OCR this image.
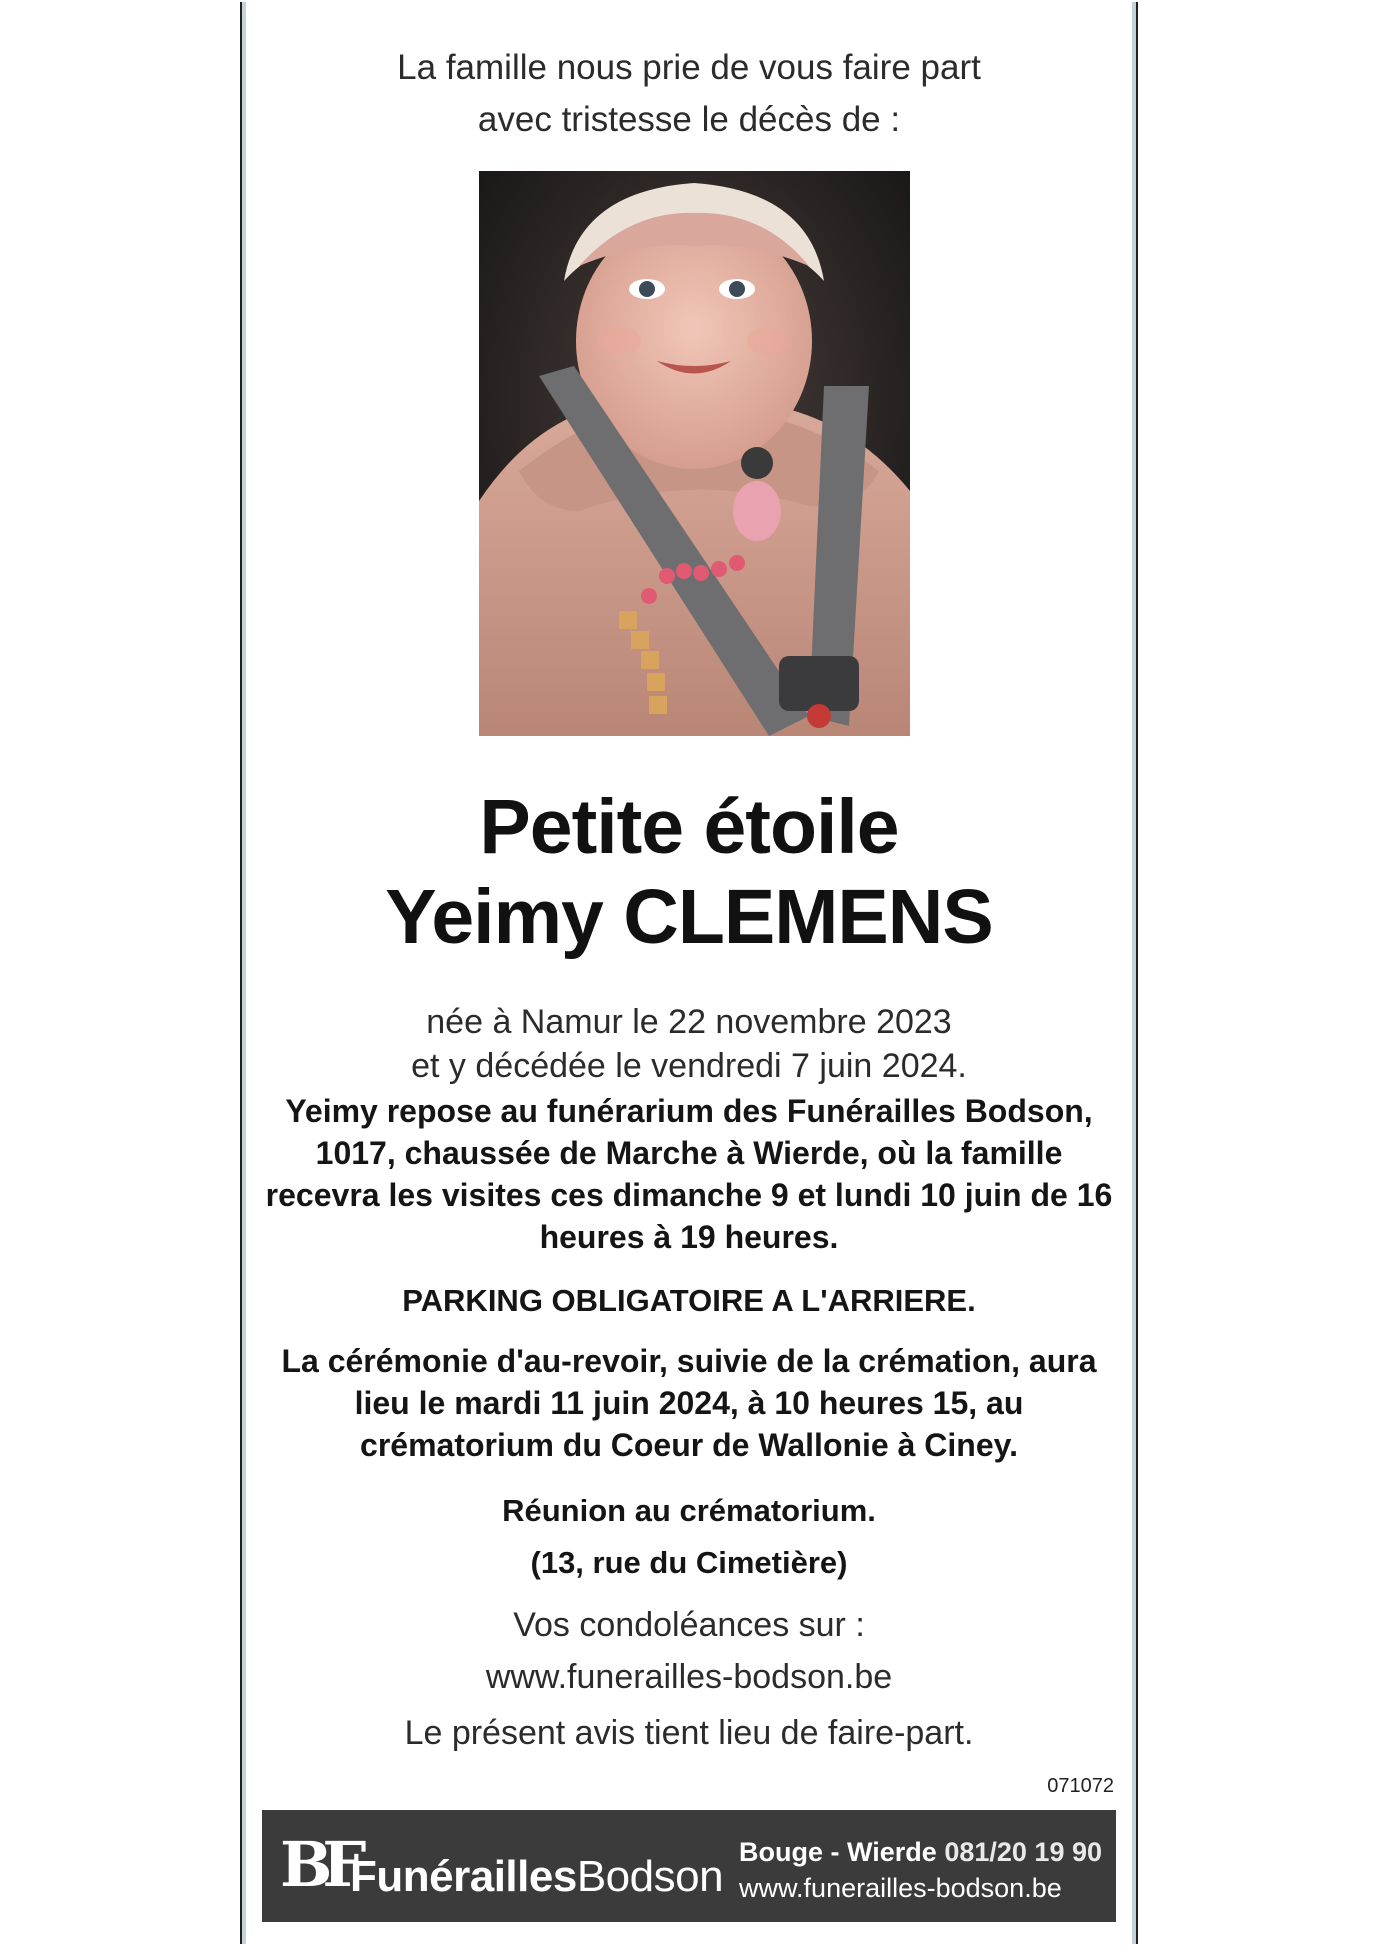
La famille nous prie de vous faire part
avec tristesse le décès de :
Petite étoile
Yeimy CLEMENS
née à Namur le 22 novembre 2023
et y décédée le vendredi 7 juin 2024.
Yeimy repose au funérarium des Funérailles Bodson,
1017, chaussée de Marche à Wierde, où la famille
recevra les visites ces dimanche 9 et lundi 10 juin de 16
heures à 19 heures.
PARKING OBLIGATOIRE A L'ARRIERE.
La cérémonie d'au-revoir, suivie de la crémation, aura
lieu le mardi 11 juin 2024, à 10 heures 15, au
crématorium du Coeur de Wallonie à Ciney.
Réunion au crématorium.
(13, rue du Cimetière)
Vos condoléances sur :
www.funerailles-bodson.be
Le présent avis tient lieu de faire-part.
071072
BF
FunéraillesBodson Bouge - Wierde 081/20 19 90
www.funerailles-bodson.be
